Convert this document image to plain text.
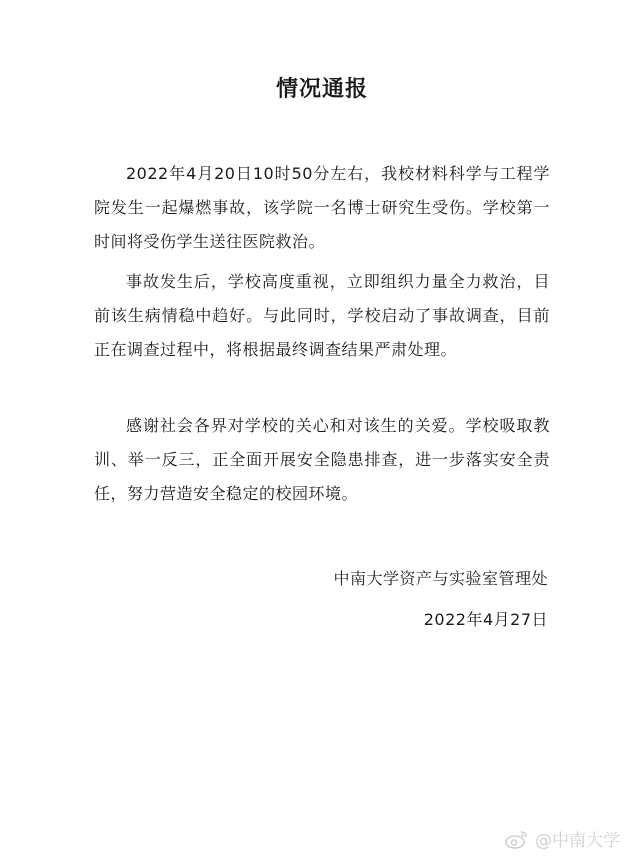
情况通报

2022年4月20日10时50分左右，我校材料科学与工程学院发生一起爆燃事故，该学院一名博士研究生受伤。学校第一时间将受伤学生送往医院救治。

事故发生后，学校高度重视，立即组织力量全力救治，目前该生病情稳中趋好。与此同时，学校启动了事故调查，目前正在调查过程中，将根据最终调查结果严肃处理。

感谢社会各界对学校的关心和对该生的关爱。学校吸取教训、举一反三，正全面开展安全隐患排查，进一步落实安全责任，努力营造安全稳定的校园环境。

中南大学资产与实验室管理处
2022年4月27日
@中南大学
